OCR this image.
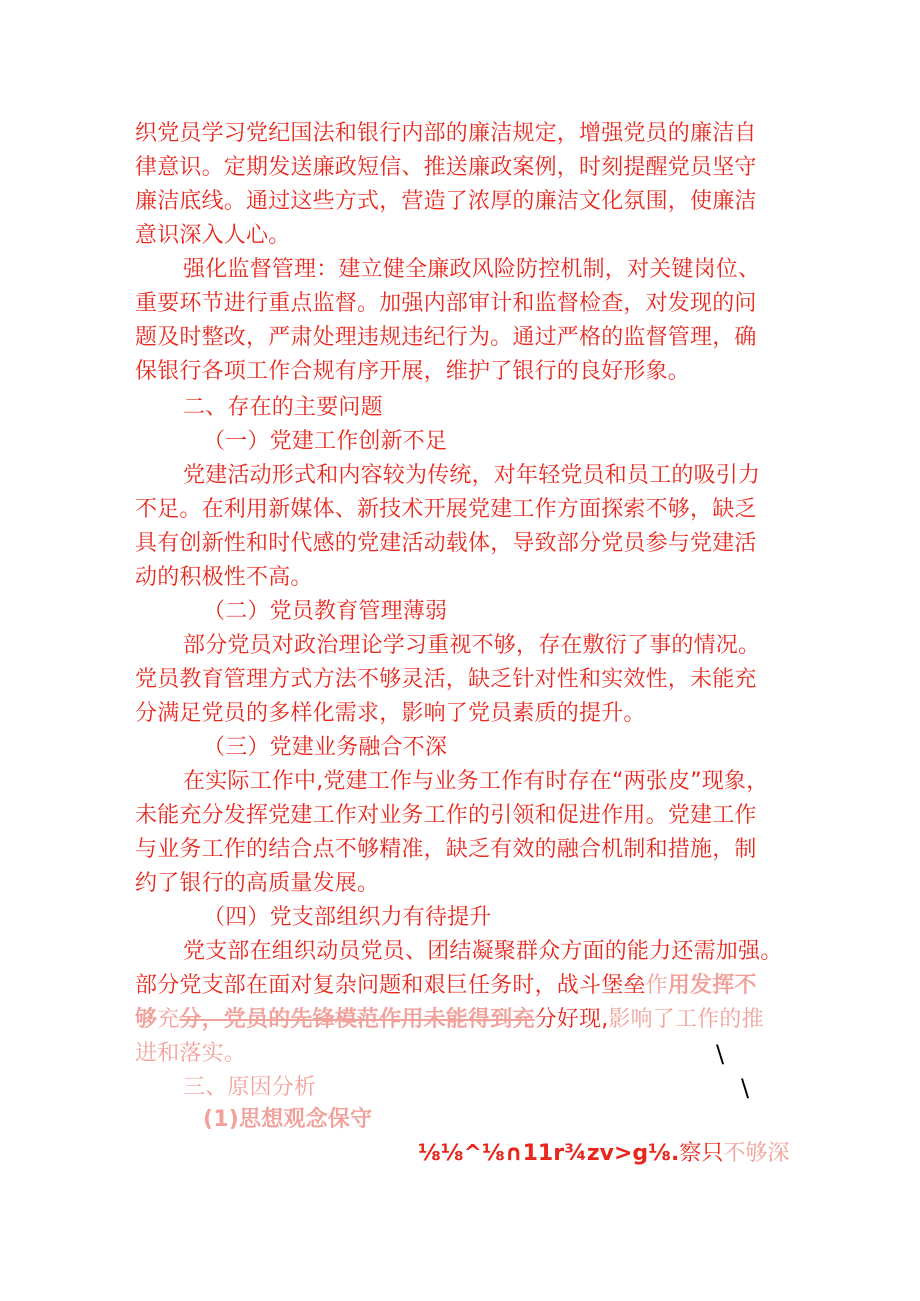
织党员学习党纪国法和银行内部的廉洁规定，增强党员的廉洁自
律意识。定期发送廉政短信、推送廉政案例，时刻提醒党员坚守
廉洁底线。通过这些方式，营造了浓厚的廉洁文化氛围，使廉洁
意识深入人心。
强化监督管理：建立健全廉政风险防控机制，对关键岗位、
重要环节进行重点监督。加强内部审计和监督检查，对发现的问
题及时整改，严肃处理违规违纪行为。通过严格的监督管理，确
保银行各项工作合规有序开展，维护了银行的良好形象。
二、存在的主要问题
（一）党建工作创新不足
党建活动形式和内容较为传统，对年轻党员和员工的吸引力
不足。在利用新媒体、新技术开展党建工作方面探索不够，缺乏
具有创新性和时代感的党建活动载体，导致部分党员参与党建活
动的积极性不高。
（二）党员教育管理薄弱
部分党员对政治理论学习重视不够，存在敷衍了事的情况。
党员教育管理方式方法不够灵活，缺乏针对性和实效性，未能充
分满足党员的多样化需求，影响了党员素质的提升。
（三）党建业务融合不深
在实际工作中,党建工作与业务工作有时存在“两张皮”现象，
未能充分发挥党建工作对业务工作的引领和促进作用。党建工作
与业务工作的结合点不够精准，缺乏有效的融合机制和措施，制
约了银行的高质量发展。
（四）党支部组织力有待提升
党支部在组织动员党员、团结凝聚群众方面的能力还需加强。
部分党支部在面对复杂问题和艰巨任务时，战斗堡垒作用发挥不
够充分，党员的先锋模范作用未能得到充分好现,影响了工作的推
进和落实。
三、原因分析
(1)思想观念保守
⅛⅛^⅛∩11r¾zv>g⅛.察只不够深
\
\
